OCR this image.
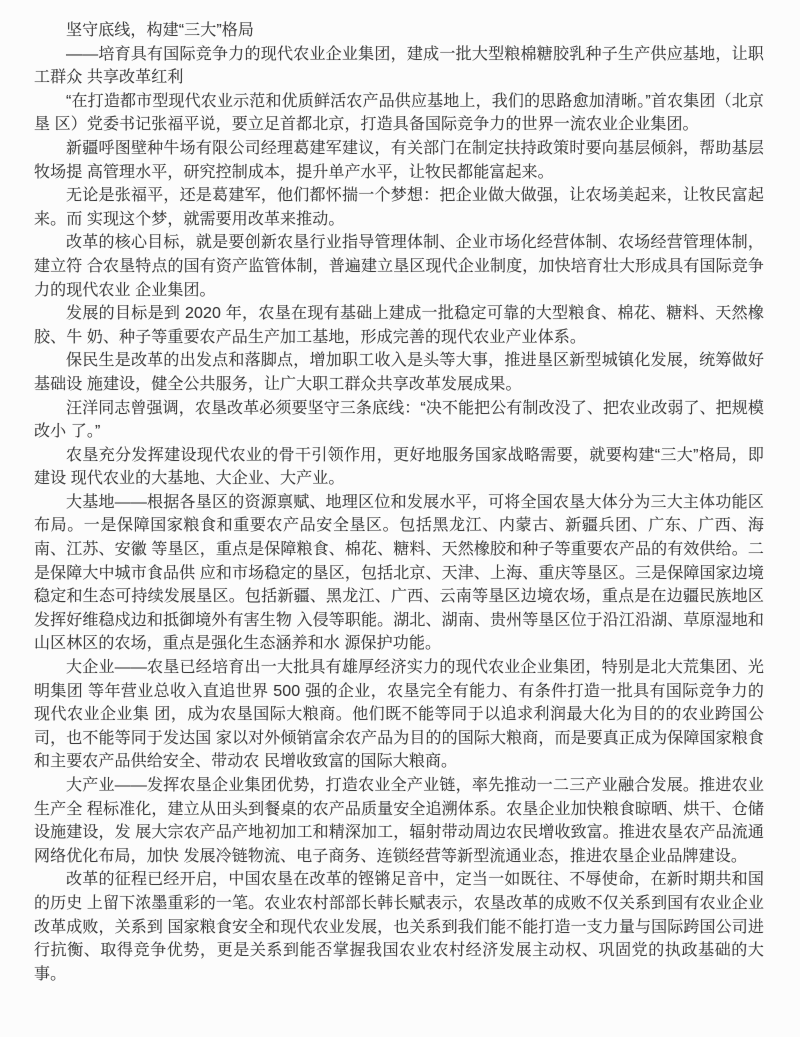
坚守底线，构建“三大”格局

——培育具有国际竞争力的现代农业企业集团，建成一批大型粮棉糖胶乳种子生产供应基地，让职工群众 共享改革红利

“在打造都市型现代农业示范和优质鲜活农产品供应基地上，我们的思路愈加清晰。”首农集团（北京垦 区）党委书记张福平说，要立足首都北京，打造具备国际竞争力的世界一流农业企业集团。

新疆呼图壁种牛场有限公司经理葛建军建议，有关部门在制定扶持政策时要向基层倾斜，帮助基层牧场提 高管理水平，研究控制成本，提升单产水平，让牧民都能富起来。

无论是张福平，还是葛建军，他们都怀揣一个梦想：把企业做大做强，让农场美起来，让牧民富起来。而 实现这个梦，就需要用改革来推动。

改革的核心目标，就是要创新农垦行业指导管理体制、企业市场化经营体制、农场经营管理体制，建立符 合农垦特点的国有资产监管体制，普遍建立垦区现代企业制度，加快培育壮大形成具有国际竞争力的现代农业 企业集团。

发展的目标是到 2020 年，农垦在现有基础上建成一批稳定可靠的大型粮食、棉花、糖料、天然橡胶、牛 奶、种子等重要农产品生产加工基地，形成完善的现代农业产业体系。

保民生是改革的出发点和落脚点，增加职工收入是头等大事，推进垦区新型城镇化发展，统筹做好基础设 施建设，健全公共服务，让广大职工群众共享改革发展成果。

汪洋同志曾强调，农垦改革必须要坚守三条底线：“决不能把公有制改没了、把农业改弱了、把规模改小 了。”

农垦充分发挥建设现代农业的骨干引领作用，更好地服务国家战略需要，就要构建“三大”格局，即建设 现代农业的大基地、大企业、大产业。

大基地——根据各垦区的资源禀赋、地理区位和发展水平，可将全国农垦大体分为三大主体功能区布局。一是保障国家粮食和重要农产品安全垦区。包括黑龙江、内蒙古、新疆兵团、广东、广西、海南、江苏、安徽 等垦区，重点是保障粮食、棉花、糖料、天然橡胶和种子等重要农产品的有效供给。二是保障大中城市食品供 应和市场稳定的垦区，包括北京、天津、上海、重庆等垦区。三是保障国家边境稳定和生态可持续发展垦区。包括新疆、黑龙江、广西、云南等垦区边境农场，重点是在边疆民族地区发挥好维稳戍边和抵御境外有害生物 入侵等职能。湖北、湖南、贵州等垦区位于沿江沿湖、草原湿地和山区林区的农场，重点是强化生态涵养和水 源保护功能。

大企业——农垦已经培育出一大批具有雄厚经济实力的现代农业企业集团，特别是北大荒集团、光明集团 等年营业总收入直追世界 500 强的企业，农垦完全有能力、有条件打造一批具有国际竞争力的现代农业企业集 团，成为农垦国际大粮商。他们既不能等同于以追求利润最大化为目的的农业跨国公司，也不能等同于发达国 家以对外倾销富余农产品为目的的国际大粮商，而是要真正成为保障国家粮食和主要农产品供给安全、带动农 民增收致富的国际大粮商。

大产业——发挥农垦企业集团优势，打造农业全产业链，率先推动一二三产业融合发展。推进农业生产全 程标准化，建立从田头到餐桌的农产品质量安全追溯体系。农垦企业加快粮食晾晒、烘干、仓储设施建设，发 展大宗农产品产地初加工和精深加工，辐射带动周边农民增收致富。推进农垦农产品流通网络优化布局，加快 发展冷链物流、电子商务、连锁经营等新型流通业态，推进农垦企业品牌建设。

改革的征程已经开启，中国农垦在改革的铿锵足音中，定当一如既往、不辱使命，在新时期共和国的历史 上留下浓墨重彩的一笔。农业农村部部长韩长赋表示，农垦改革的成败不仅关系到国有农业企业改革成败，关系到 国家粮食安全和现代农业发展，也关系到我们能不能打造一支力量与国际跨国公司进行抗衡、取得竞争优势，更是关系到能否掌握我国农业农村经济发展主动权、巩固党的执政基础的大事。
